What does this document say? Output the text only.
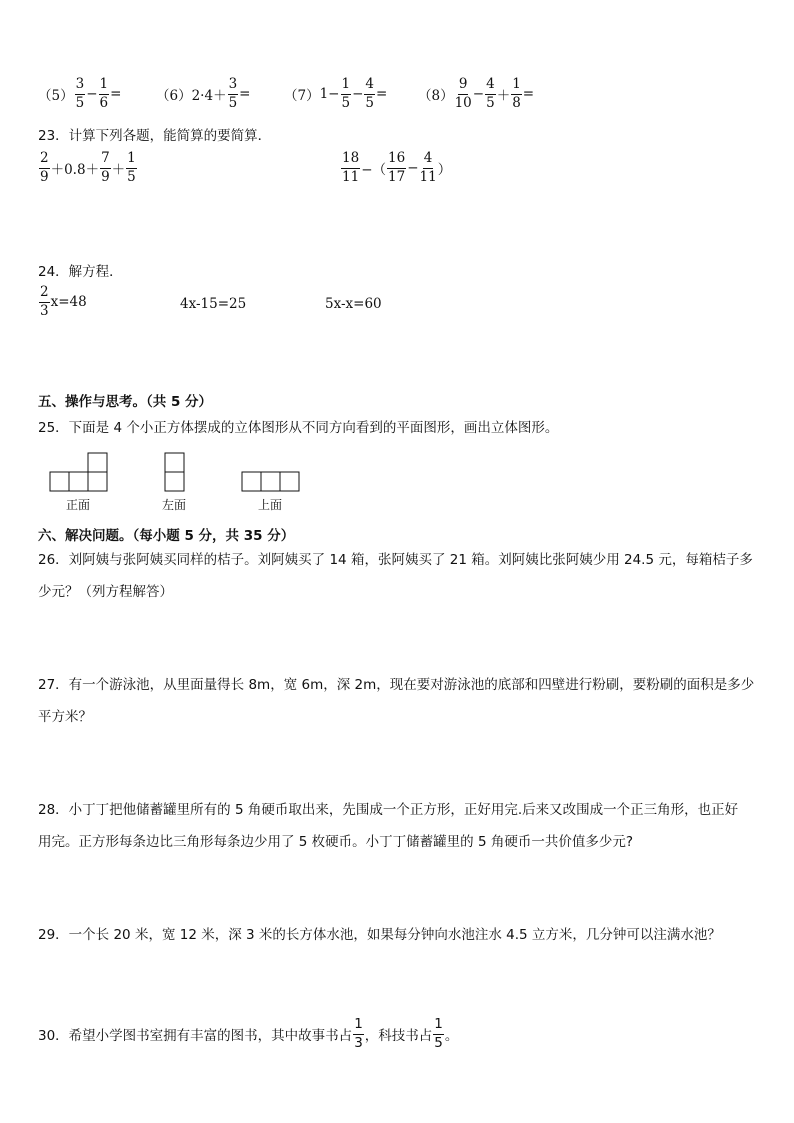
$(5) \frac{3}{5} - \frac{1}{6}$ =	（6） $2\cdot 4+ \frac{3}{5} = (7)$ $1- \frac{1}{5} - \frac{4}{5} = (8) \frac{9}{10} - \frac{4}{5} + \frac{1}{8}$ =
23．计算下列各题，能简算的要简算．
$\frac{2}{9} +0.8+ \frac{7}{9} + \frac{1}{5}$	$\frac{18}{11}$ −（ $\frac{16}{17} - \frac{4}{11}$ ）
24．解方程．
$\frac{2}{3} x=48$	4x-15=25	5x-x=60
五、操作与思考。（共 5 分）
25．下面是 4 个小正方体摆成的立体图形从不同方向看到的平面图形，画出立体图形。
正面	左面	上面
六、解决问题。（每小题 5 分，共 35 分）
26．刘阿姨与张阿姨买同样的桔子。刘阿姨买了 14 箱，张阿姨买了 21 箱。刘阿姨比张阿姨少用 24.5 元，每箱桔子多
少元？（列方程解答）
27．有一个游泳池，从里面量得长 8m，宽 6m，深 2m，现在要对游泳池的底部和四壁进行粉刷，要粉刷的面积是多少
平方米？
28．小丁丁把他储蓄罐里所有的 5 角硬币取出来，先围成一个正方形，正好用完.后来又改围成一个正三角形，也正好
用完。正方形每条边比三角形每条边少用了 5 枚硬币。小丁丁储蓄罐里的 5 角硬币一共价值多少元?
29．一个长 20 米，宽 12 米，深 3 米的长方体水池，如果每分钟向水池注水 4.5 立方米，几分钟可以注满水池？
30．希望小学图书室拥有丰富的图书，其中故事书占 $\frac{1}{3}$ ，科技书占 $\frac{1}{5}$ 。
